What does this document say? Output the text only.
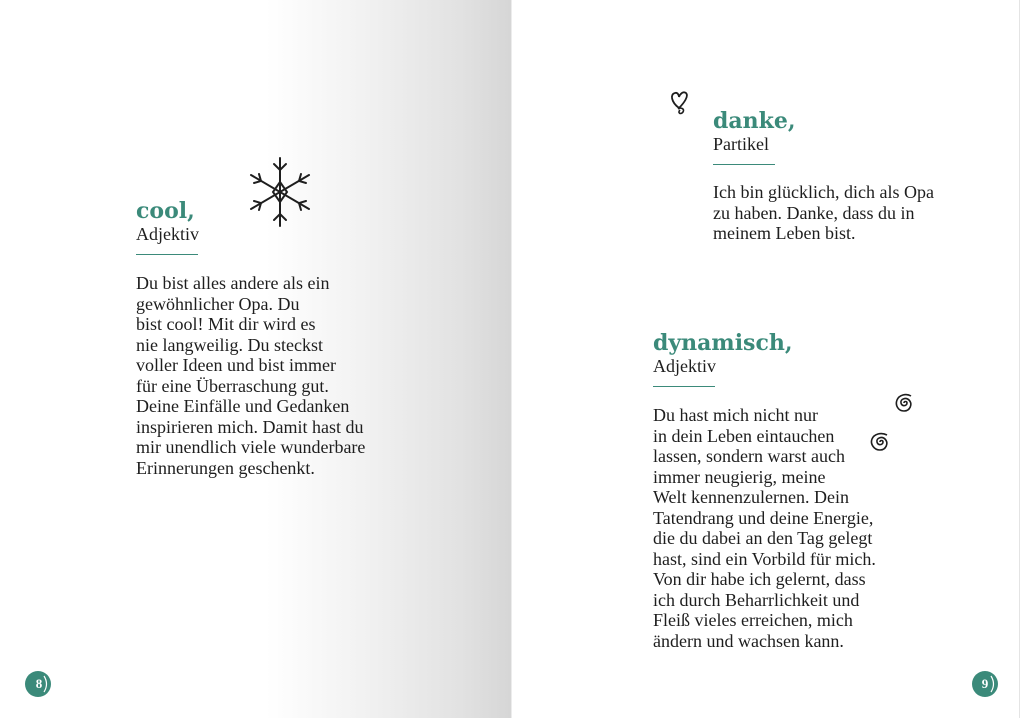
cool,

Adjektiv

Du bist alles andere als ein
gewöhnlicher Opa. Du
bist cool! Mit dir wird es
nie langweilig. Du steckst
voller Ideen und bist immer
für eine Überraschung gut.
Deine Einfälle und Gedanken
inspirieren mich. Damit hast du
mir unendlich viele wunderbare
Erinnerungen geschenkt.

8

danke,

Partikel

Ich bin glücklich, dich als Opa
zu haben. Danke, dass du in
meinem Leben bist.

dynamisch,

Adjektiv

Du hast mich nicht nur
in dein Leben eintauchen
lassen, sondern warst auch
immer neugierig, meine
Welt kennenzulernen. Dein
Tatendrang und deine Energie,
die du dabei an den Tag gelegt
hast, sind ein Vorbild für mich.
Von dir habe ich gelernt, dass
ich durch Beharrlichkeit und
Fleiß vieles erreichen, mich
ändern und wachsen kann.

9
